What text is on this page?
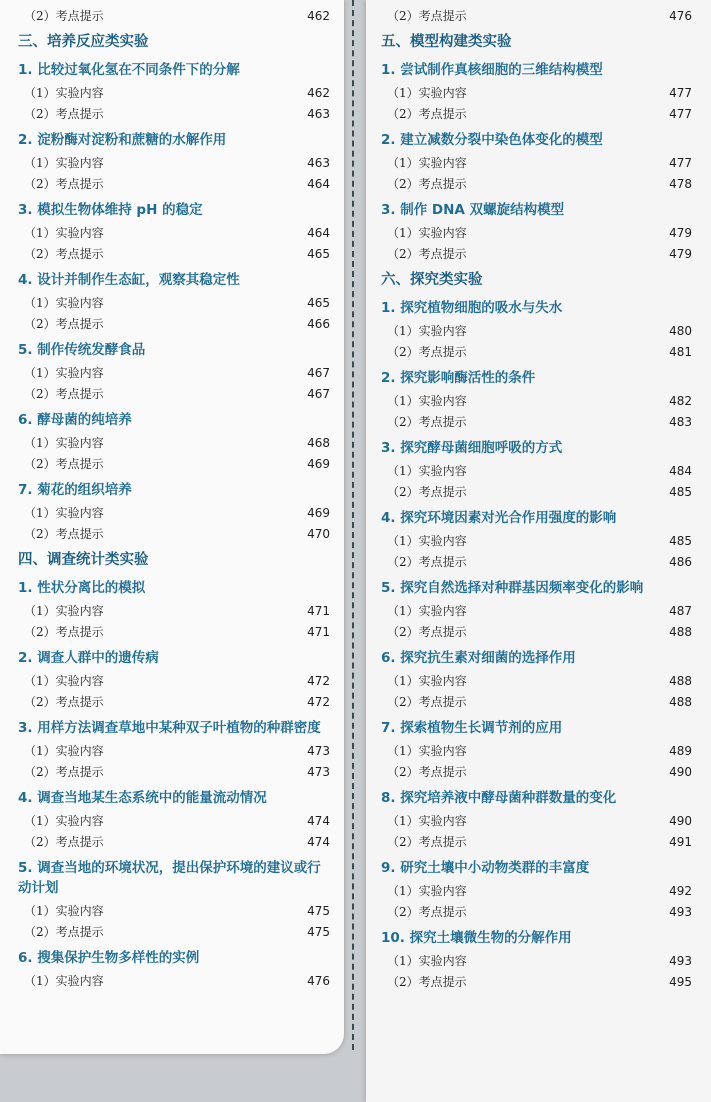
（2）考点提示	462
三、培养反应类实验
1. 比较过氧化氢在不同条件下的分解
（1）实验内容	462
（2）考点提示	463
2. 淀粉酶对淀粉和蔗糖的水解作用
（1）实验内容	463
（2）考点提示	464
3. 模拟生物体维持 pH 的稳定
（1）实验内容	464
（2）考点提示	465
4. 设计并制作生态缸，观察其稳定性
（1）实验内容	465
（2）考点提示	466
5. 制作传统发酵食品
（1）实验内容	467
（2）考点提示	467
6. 酵母菌的纯培养
（1）实验内容	468
（2）考点提示	469
7. 菊花的组织培养
（1）实验内容	469
（2）考点提示	470
四、调查统计类实验
1. 性状分离比的模拟
（1）实验内容	471
（2）考点提示	471
2. 调查人群中的遗传病
（1）实验内容	472
（2）考点提示	472
3. 用样方法调查草地中某种双子叶植物的种群密度
（1）实验内容	473
（2）考点提示	473
4. 调查当地某生态系统中的能量流动情况
（1）实验内容	474
（2）考点提示	474
5. 调查当地的环境状况，提出保护环境的建议或行动计划
（1）实验内容	475
（2）考点提示	475
6. 搜集保护生物多样性的实例
（1）实验内容	476
（2）考点提示	476
五、模型构建类实验
1. 尝试制作真核细胞的三维结构模型
（1）实验内容	477
（2）考点提示	477
2. 建立减数分裂中染色体变化的模型
（1）实验内容	477
（2）考点提示	478
3. 制作 DNA 双螺旋结构模型
（1）实验内容	479
（2）考点提示	479
六、探究类实验
1. 探究植物细胞的吸水与失水
（1）实验内容	480
（2）考点提示	481
2. 探究影响酶活性的条件
（1）实验内容	482
（2）考点提示	483
3. 探究酵母菌细胞呼吸的方式
（1）实验内容	484
（2）考点提示	485
4. 探究环境因素对光合作用强度的影响
（1）实验内容	485
（2）考点提示	486
5. 探究自然选择对种群基因频率变化的影响
（1）实验内容	487
（2）考点提示	488
6. 探究抗生素对细菌的选择作用
（1）实验内容	488
（2）考点提示	488
7. 探索植物生长调节剂的应用
（1）实验内容	489
（2）考点提示	490
8. 探究培养液中酵母菌种群数量的变化
（1）实验内容	490
（2）考点提示	491
9. 研究土壤中小动物类群的丰富度
（1）实验内容	492
（2）考点提示	493
10. 探究土壤微生物的分解作用
（1）实验内容	493
（2）考点提示	495
